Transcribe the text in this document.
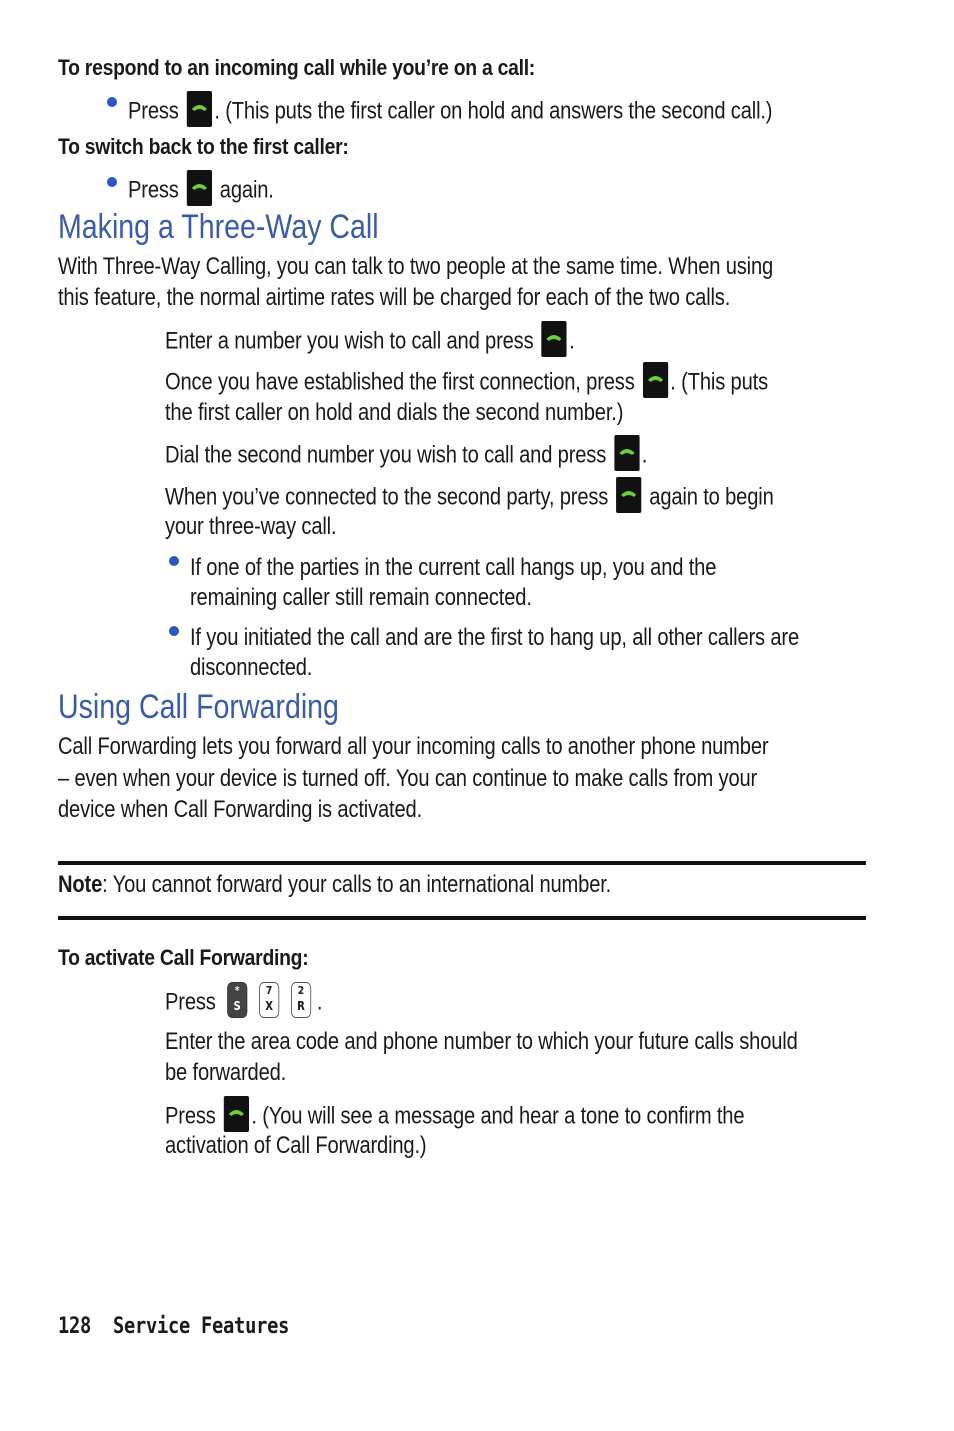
To respond to an incoming call while you’re on a call:
Press . (This puts the first caller on hold and answers the second call.)
To switch back to the first caller:
Press again.
Making a Three-Way Call
With Three-Way Calling, you can talk to two people at the same time. When using
this feature, the normal airtime rates will be charged for each of the two calls.
Enter a number you wish to call and press .
Once you have established the first connection, press . (This puts
the first caller on hold and dials the second number.)
Dial the second number you wish to call and press .
When you’ve connected to the second party, press again to begin
your three-way call.
If one of the parties in the current call hangs up, you and the
remaining caller still remain connected.
If you initiated the call and are the first to hang up, all other callers are
disconnected.
Using Call Forwarding
Call Forwarding lets you forward all your incoming calls to another phone number
– even when your device is turned off. You can continue to make calls from your
device when Call Forwarding is activated.
Note: You cannot forward your calls to an international number.
To activate Call Forwarding:
Press	*
S
7
X
2
R .
Enter the area code and phone number to which your future calls should
be forwarded.
Press . (You will see a message and hear a tone to confirm the
activation of Call Forwarding.)
128 Service Features
